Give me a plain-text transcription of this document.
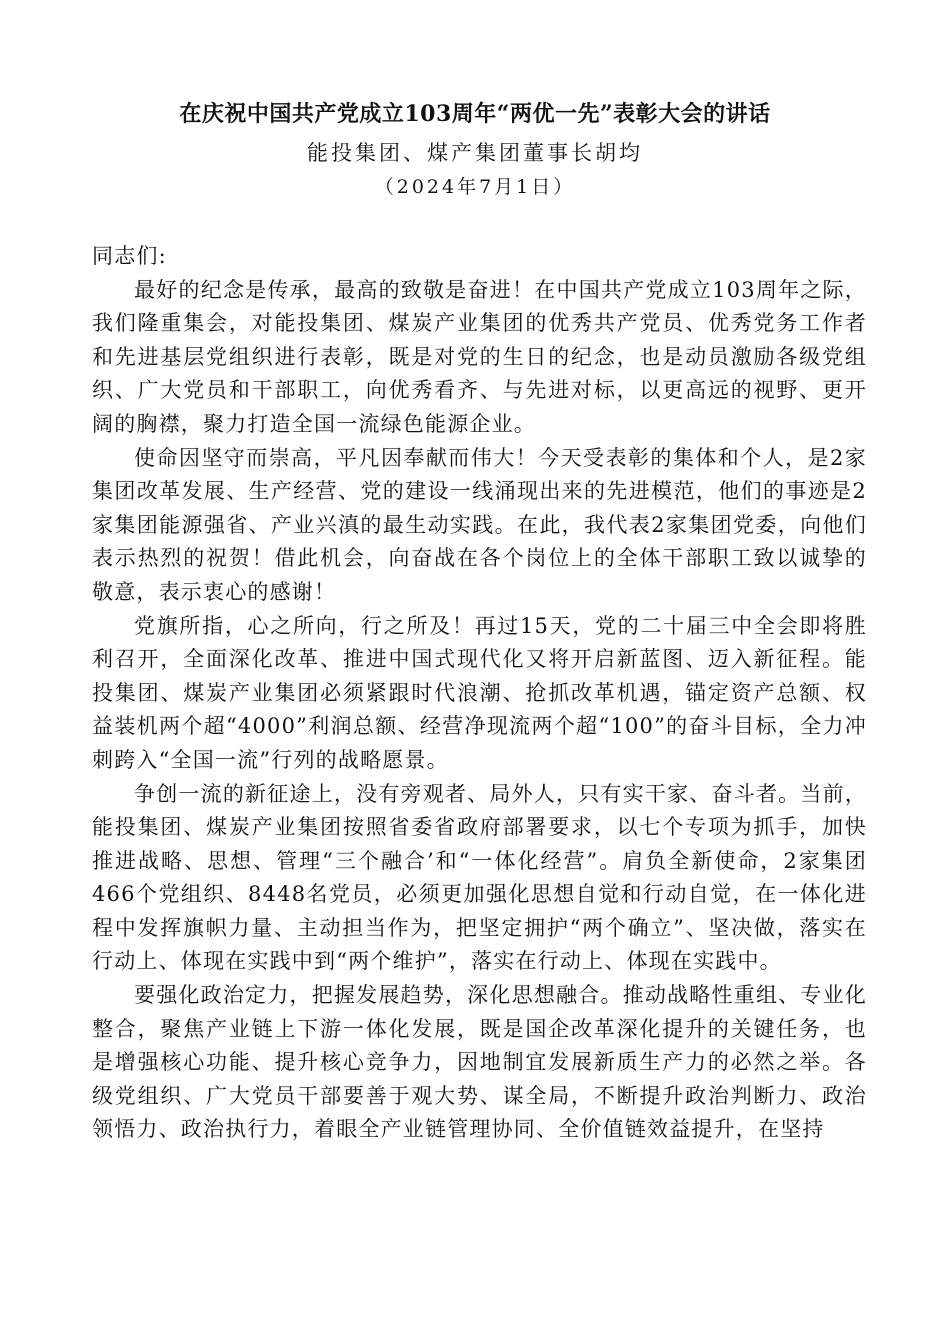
在庆祝中国共产党成立103周年“两优一先”表彰大会的讲话
能投集团、煤产集团董事长胡均
（2024年7月1日）

同志们:

最好的纪念是传承，最高的致敬是奋进！在中国共产党成立103周年之际，我们隆重集会，对能投集团、煤炭产业集团的优秀共产党员、优秀党务工作者和先进基层党组织进行表彰，既是对党的生日的纪念，也是动员激励各级党组织、广大党员和干部职工，向优秀看齐、与先进对标，以更高远的视野、更开阔的胸襟，聚力打造全国一流绿色能源企业。

使命因坚守而崇高，平凡因奉献而伟大！今天受表彰的集体和个人，是2家集团改革发展、生产经营、党的建设一线涌现出来的先进模范，他们的事迹是2家集团能源强省、产业兴滇的最生动实践。在此，我代表2家集团党委，向他们表示热烈的祝贺！借此机会，向奋战在各个岗位上的全体干部职工致以诚挚的敬意，表示衷心的感谢！

党旗所指，心之所向，行之所及！再过15天，党的二十届三中全会即将胜利召开，全面深化改革、推进中国式现代化又将开启新蓝图、迈入新征程。能投集团、煤炭产业集团必须紧跟时代浪潮、抢抓改革机遇，锚定资产总额、权益装机两个超“4000”利润总额、经营净现流两个超“100”的奋斗目标，全力冲刺跨入“全国一流”行列的战略愿景。

争创一流的新征途上，没有旁观者、局外人，只有实干家、奋斗者。当前，能投集团、煤炭产业集团按照省委省政府部署要求，以七个专项为抓手，加快推进战略、思想、管理“三个融合’和“一体化经营”。肩负全新使命，2家集团466个党组织、8448名党员，必须更加强化思想自觉和行动自觉，在一体化进程中发挥旗帜力量、主动担当作为，把坚定拥护“两个确立”、坚决做，落实在行动上、体现在实践中到“两个维护”，落实在行动上、体现在实践中。

要强化政治定力，把握发展趋势，深化思想融合。推动战略性重组、专业化整合，聚焦产业链上下游一体化发展，既是国企改革深化提升的关键任务，也是增强核心功能、提升核心竞争力，因地制宜发展新质生产力的必然之举。各级党组织、广大党员干部要善于观大势、谋全局，不断提升政治判断力、政治领悟力、政治执行力，着眼全产业链管理协同、全价值链效益提升，在坚持
